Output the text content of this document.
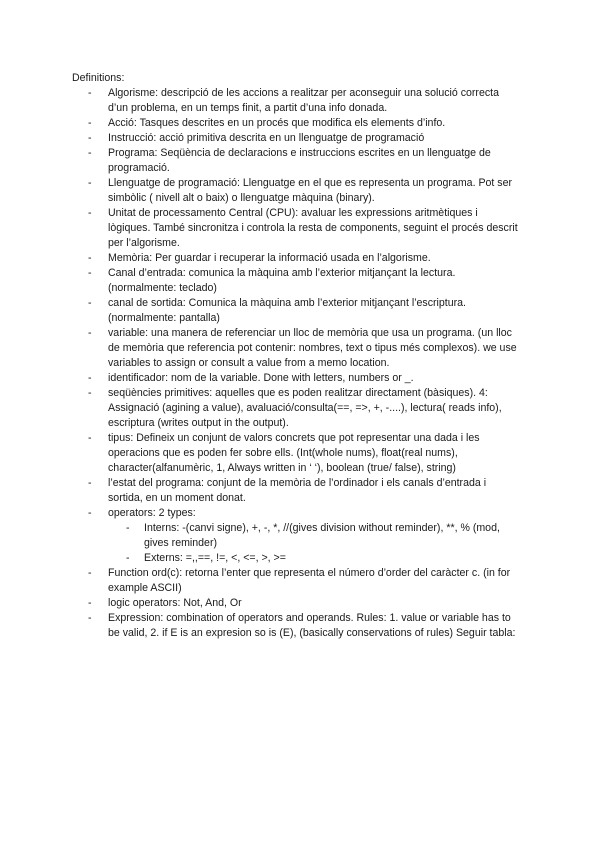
Definitions:

- Algorisme: descripció de les accions a realitzar per aconseguir una solució correcta d’un problema, en un temps finit, a partit d’una info donada.
- Acció: Tasques descrites en un procés que modifica els elements d’info.
- Instrucció: acció primitiva descrita en un llenguatge de programació
- Programa: Seqüència de declaracions e instruccions escrites en un llenguatge de programació.
- Llenguatge de programació: Llenguatge en el que es representa un programa. Pot ser simbòlic ( nivell alt o baix) o llenguatge màquina (binary).
- Unitat de processamento Central (CPU): avaluar les expressions aritmètiques i lògiques. També sincronitza i controla la resta de components, seguint el procés descrit per l’algorisme.
- Memòria: Per guardar i recuperar la informació usada en l’algorisme.
- Canal d’entrada: comunica la màquina amb l’exterior mitjançant la lectura. (normalmente: teclado)
- canal de sortida: Comunica la màquina amb l’exterior mitjançant l’escriptura. (normalmente: pantalla)
- variable: una manera de referenciar un lloc de memòria que usa un programa. (un lloc de memòria que referencia pot contenir: nombres, text o tipus més complexos). we use variables to assign or consult a value from a memo location.
- identificador: nom de la variable. Done with letters, numbers or _.
- seqüències primitives: aquelles que es poden realitzar directament (bàsiques). 4: Assignació (agining a value), avaluació/consulta(==, =>, +, -....), lectura( reads info), escriptura (writes output in the output).
- tipus: Defineix un conjunt de valors concrets que pot representar una dada i les operacions que es poden fer sobre ells. (Int(whole nums), float(real nums), character(alfanumèric, 1, Always written in ‘ ‘), boolean (true/ false), string)
- l’estat del programa: conjunt de la memòria de l’ordinador i els canals d’entrada i sortida, en un moment donat.
- operators: 2 types:
- Interns: -(canvi signe), +, -, *, //(gives division without reminder), **, % (mod, gives reminder)
- Externs: =,,==, !=, <, <=, >, >=
- Function ord(c): retorna l’enter que representa el número d’order del caràcter c. (in for example ASCII)
- logic operators: Not, And, Or
- Expression: combination of operators and operands. Rules: 1. value or variable has to be valid, 2. if E is an expresion so is (E), (basically conservations of rules) Seguir tabla:
